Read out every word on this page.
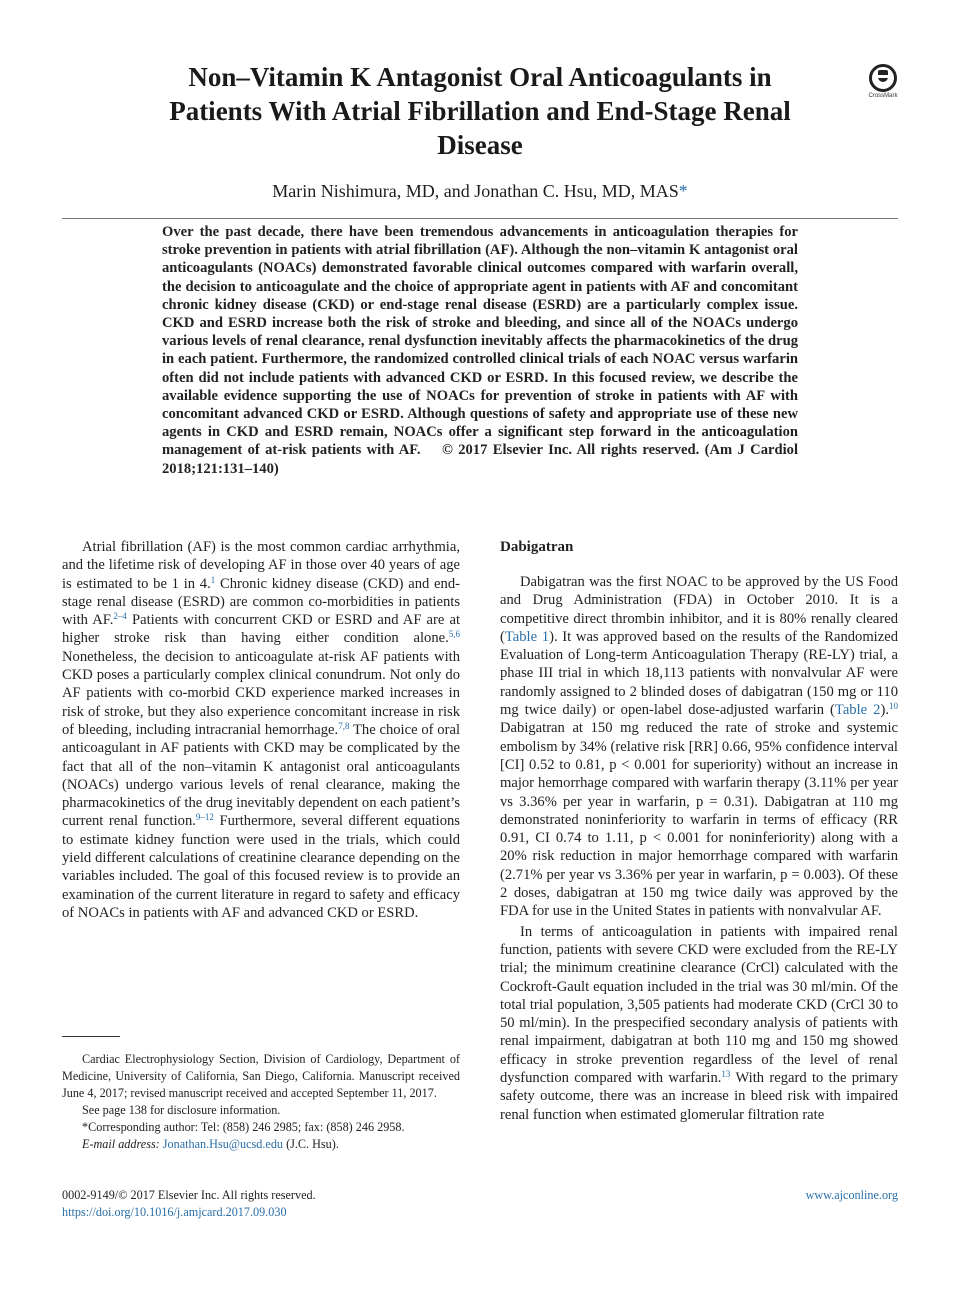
Non–Vitamin K Antagonist Oral Anticoagulants in
Patients With Atrial Fibrillation and End-Stage Renal
Disease
CrossMark
Marin Nishimura, MD, and Jonathan C. Hsu, MD, MAS*
Over the past decade, there have been tremendous advancements in anticoagulation therapies for stroke prevention in patients with atrial fibrillation (AF). Although the non–vitamin K antagonist oral anticoagulants (NOACs) demonstrated favorable clinical outcomes compared with warfarin overall, the decision to anticoagulate and the choice of appropriate agent in patients with AF and concomitant chronic kidney disease (CKD) or end-stage renal disease (ESRD) are a particularly complex issue. CKD and ESRD increase both the risk of stroke and bleeding, and since all of the NOACs undergo various levels of renal clearance, renal dysfunction inevitably affects the pharmacokinetics of the drug in each patient. Furthermore, the randomized controlled clinical trials of each NOAC versus warfarin often did not include patients with advanced CKD or ESRD. In this focused review, we describe the available evidence supporting the use of NOACs for prevention of stroke in patients with AF with concomitant advanced CKD or ESRD. Although questions of safety and appropriate use of these new agents in CKD and ESRD remain, NOACs offer a significant step forward in the anticoagulation management of at-risk patients with AF. © 2017 Elsevier Inc. All rights reserved. (Am J Cardiol 2018;121:131–140)

Atrial fibrillation (AF) is the most common cardiac arrhythmia, and the lifetime risk of developing AF in those over 40 years of age is estimated to be 1 in 4.$^1$ Chronic kidney disease (CKD) and end-stage renal disease (ESRD) are common co-morbidities in patients with AF.$^{2-4}$ Patients with concurrent CKD or ESRD and AF are at higher stroke risk than having either condition alone.$^{5,6}$ Nonetheless, the decision to anticoagulate at-risk AF patients with CKD poses a particularly complex clinical conundrum. Not only do AF patients with co-morbid CKD experience marked increases in risk of stroke, but they also experience concomitant increase in risk of bleeding, including intracranial hemorrhage.$^{7,8}$ The choice of oral anticoagulant in AF patients with CKD may be complicated by the fact that all of the non–vitamin K antagonist oral anticoagulants (NOACs) undergo various levels of renal clearance, making the pharmacokinetics of the drug inevitably dependent on each patient’s current renal function.$^{9-12}$ Furthermore, several different equations to estimate kidney function were used in the trials, which could yield different calculations of creatinine clearance depending on the variables included. The goal of this focused review is to provide an examination of the current literature in regard to safety and efficacy of NOACs in patients with AF and advanced CKD or ESRD.

Cardiac Electrophysiology Section, Division of Cardiology, Department of Medicine, University of California, San Diego, California. Manuscript received June 4, 2017; revised manuscript received and accepted September 11, 2017.

See page 138 for disclosure information.

*Corresponding author: Tel: (858) 246 2985; fax: (858) 246 2958.

E-mail address: Jonathan.Hsu@ucsd.edu (J.C. Hsu).

0002-9149/© 2017 Elsevier Inc. All rights reserved.
https://doi.org/10.1016/j.amjcard.2017.09.030
www.ajconline.org
Dabigatran

Dabigatran was the first NOAC to be approved by the US Food and Drug Administration (FDA) in October 2010. It is a competitive direct thrombin inhibitor, and it is 80% renally cleared (Table 1). It was approved based on the results of the Randomized Evaluation of Long-term Anticoagulation Therapy (RE-LY) trial, a phase III trial in which 18,113 patients with nonvalvular AF were randomly assigned to 2 blinded doses of dabigatran (150 mg or 110 mg twice daily) or open-label dose-adjusted warfarin (Table 2).$^{10}$ Dabigatran at 150 mg reduced the rate of stroke and systemic embolism by 34% (relative risk [RR] 0.66, 95% confidence interval [CI] 0.52 to 0.81, p < 0.001 for superiority) without an increase in major hemorrhage compared with warfarin therapy (3.11% per year vs 3.36% per year in warfarin, p = 0.31). Dabigatran at 110 mg demonstrated noninferiority to warfarin in terms of efficacy (RR 0.91, CI 0.74 to 1.11, p < 0.001 for noninferiority) along with a 20% risk reduction in major hemorrhage compared with warfarin (2.71% per year vs 3.36% per year in warfarin, p = 0.003). Of these 2 doses, dabigatran at 150 mg twice daily was approved by the FDA for use in the United States in patients with nonvalvular AF.

In terms of anticoagulation in patients with impaired renal function, patients with severe CKD were excluded from the RE-LY trial; the minimum creatinine clearance (CrCl) calculated with the Cockroft-Gault equation included in the trial was 30 ml/min. Of the total trial population, 3,505 patients had moderate CKD (CrCl 30 to 50 ml/min). In the prespecified secondary analysis of patients with renal impairment, dabigatran at both 110 mg and 150 mg showed efficacy in stroke prevention regardless of the level of renal dysfunction compared with warfarin.$^{13}$ With regard to the primary safety outcome, there was an increase in bleed risk with impaired renal function when estimated glomerular filtration rate
